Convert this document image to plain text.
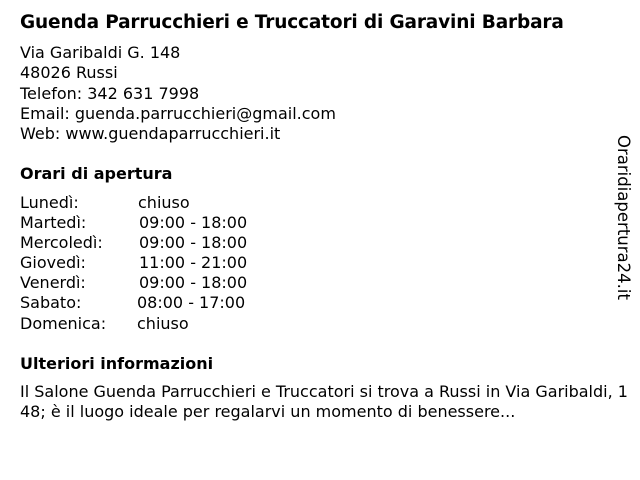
Guenda Parrucchieri e Truccatori di Garavini Barbara
Via Garibaldi G. 148
48026 Russi
Telefon: 342 631 7998
Email: guenda.parrucchieri@gmail.com
Web: www.guendaparrucchieri.it
Orari di apertura
Lunedì:	chiuso
Martedì:	09:00 - 18:00
Mercoledì: 09:00 - 18:00
Giovedì:	11:00 - 21:00
Venerdì:	09:00 - 18:00
Sabato:	08:00 - 17:00
Domenica: chiuso
Ulteriori informazioni
Il Salone Guenda Parrucchieri e Truccatori si trova a Russi in Via Garibaldi, 148; è il luogo ideale per regalarvi un momento di benessere...
Oraridiapertura24.it
